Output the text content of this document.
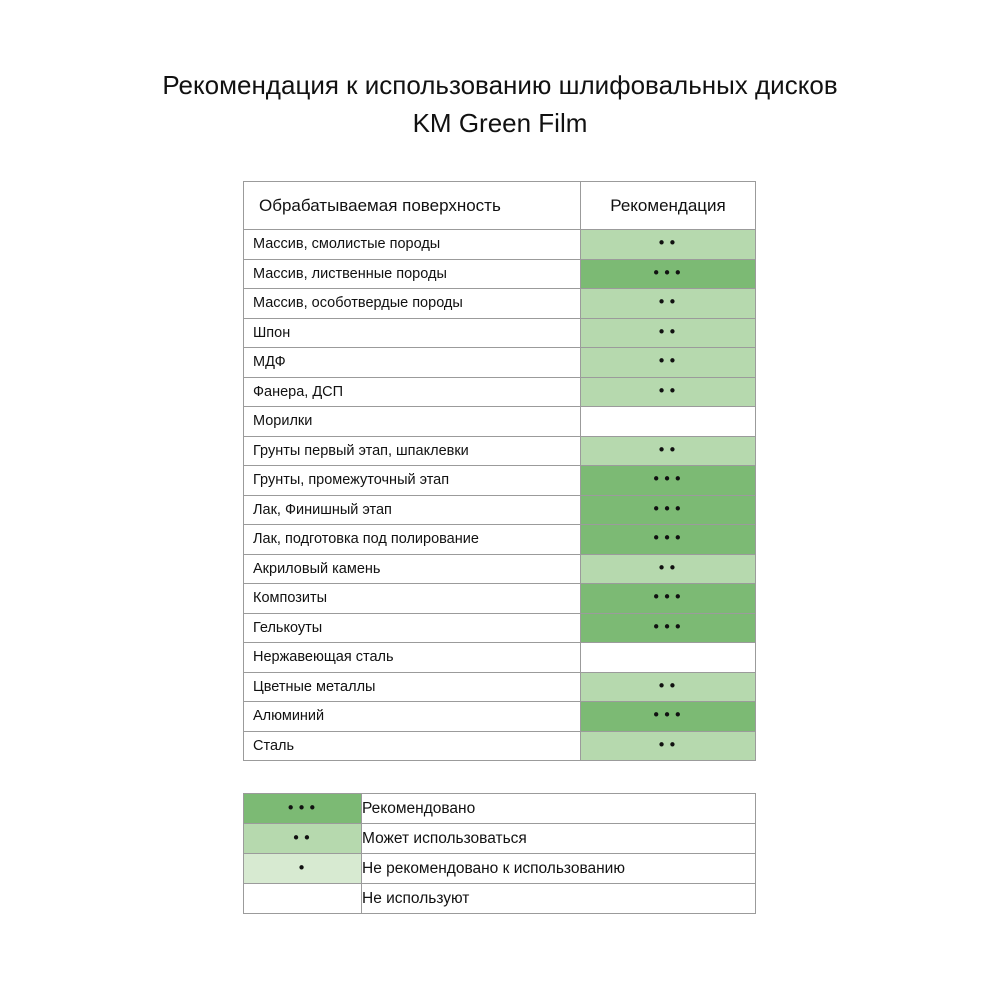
Рекомендация к использованию шлифовальных дисков KM Green Film
Обрабатываемая поверхность	Рекомендация
Массив, смолистые породы	••
Массив, лиственные породы	•••
Массив, особотвердые породы	••
Шпон	••
МДФ	••
Фанера, ДСП	••
Морилки	
Грунты первый этап, шпаклевки	••
Грунты, промежуточный этап	•••
Лак, Финишный этап	•••
Лак, подготовка под полирование	•••
Акриловый камень	••
Композиты	•••
Гелькоуты	•••
Нержавеющая сталь	
Цветные металлы	••
Алюминий	•••
Сталь	••
•••	Рекомендовано
••	Может использоваться
•	Не рекомендовано к использованию
	Не используют
